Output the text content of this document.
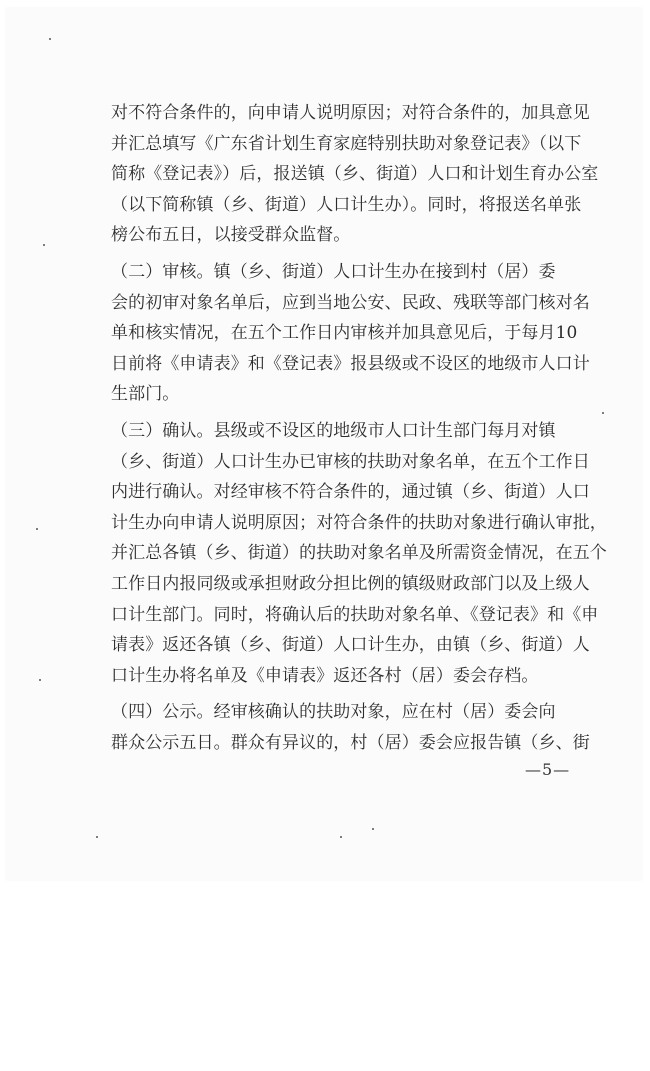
对不符合条件的，向申请人说明原因；对符合条件的，加具意见

并汇总填写《广东省计划生育家庭特别扶助对象登记表》（以下

简称《登记表》）后，报送镇（乡、街道）人口和计划生育办公室

（以下简称镇（乡、街道）人口计生办）。同时，将报送名单张

榜公布五日，以接受群众监督。

（二）审核。镇（乡、街道）人口计生办在接到村（居）委

会的初审对象名单后，应到当地公安、民政、残联等部门核对名

单和核实情况，在五个工作日内审核并加具意见后，于每月10

日前将《申请表》和《登记表》报县级或不设区的地级市人口计

生部门。

（三）确认。县级或不设区的地级市人口计生部门每月对镇

（乡、街道）人口计生办已审核的扶助对象名单，在五个工作日

内进行确认。对经审核不符合条件的，通过镇（乡、街道）人口

计生办向申请人说明原因；对符合条件的扶助对象进行确认审批，

并汇总各镇（乡、街道）的扶助对象名单及所需资金情况，在五个

工作日内报同级或承担财政分担比例的镇级财政部门以及上级人

口计生部门。同时，将确认后的扶助对象名单、《登记表》和《申

请表》返还各镇（乡、街道）人口计生办，由镇（乡、街道）人

口计生办将名单及《申请表》返还各村（居）委会存档。

（四）公示。经审核确认的扶助对象，应在村（居）委会向

群众公示五日。群众有异议的，村（居）委会应报告镇（乡、街

—5—
